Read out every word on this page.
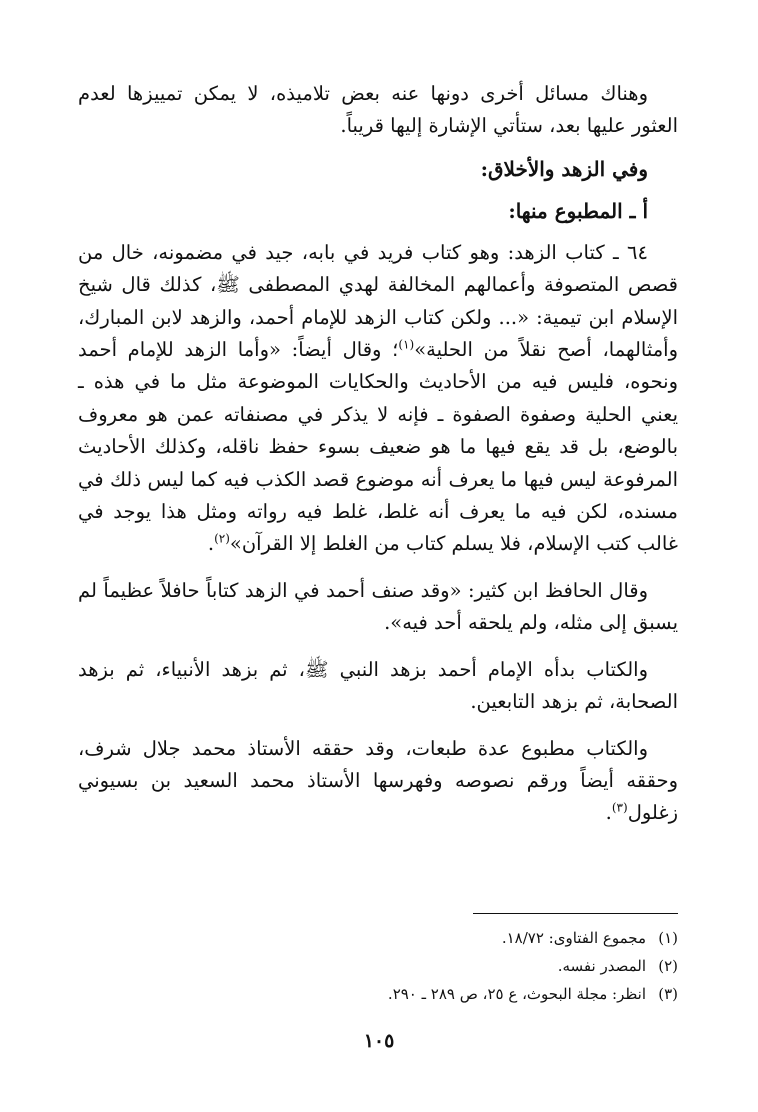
وهناك مسائل أخرى دونها عنه بعض تلاميذه، لا يمكن تمييزها لعدم العثور عليها بعد، ستأتي الإشارة إليها قريباً.

وفي الزهد والأخلاق:

أ ـ المطبوع منها:

٦٤ ـ كتاب الزهد: وهو كتاب فريد في بابه، جيد في مضمونه، خال من قصص المتصوفة وأعمالهم المخالفة لهدي المصطفى ﷺ، كذلك قال شيخ الإسلام ابن تيمية: «... ولكن كتاب الزهد للإمام أحمد، والزهد لابن المبارك، وأمثالهما، أصح نقلاً من الحلية»$^{(١)}$؛ وقال أيضاً: «وأما الزهد للإمام أحمد ونحوه، فليس فيه من الأحاديث والحكايات الموضوعة مثل ما في هذه ـ يعني الحلية وصفوة الصفوة ـ فإنه لا يذكر في مصنفاته عمن هو معروف بالوضع، بل قد يقع فيها ما هو ضعيف بسوء حفظ ناقله، وكذلك الأحاديث المرفوعة ليس فيها ما يعرف أنه موضوع قصد الكذب فيه كما ليس ذلك في مسنده، لكن فيه ما يعرف أنه غلط، غلط فيه رواته ومثل هذا يوجد في غالب كتب الإسلام، فلا يسلم كتاب من الغلط إلا القرآن»$^{(٢)}$.

وقال الحافظ ابن كثير: «وقد صنف أحمد في الزهد كتاباً حافلاً عظيماً لم يسبق إلى مثله، ولم يلحقه أحد فيه».

والكتاب بدأه الإمام أحمد بزهد النبي ﷺ، ثم بزهد الأنبياء، ثم بزهد الصحابة، ثم بزهد التابعين.

والكتاب مطبوع عدة طبعات، وقد حققه الأستاذ محمد جلال شرف، وحققه أيضاً ورقم نصوصه وفهرسها الأستاذ محمد السعيد بن بسيوني زغلول$^{(٣)}$.

(١)مجموع الفتاوى: ١٨/٧٢.

(٢)المصدر نفسه.

(٣)انظر: مجلة البحوث، ع ٢٥، ص ٢٨٩ ـ ٢٩٠.

١٠٥
